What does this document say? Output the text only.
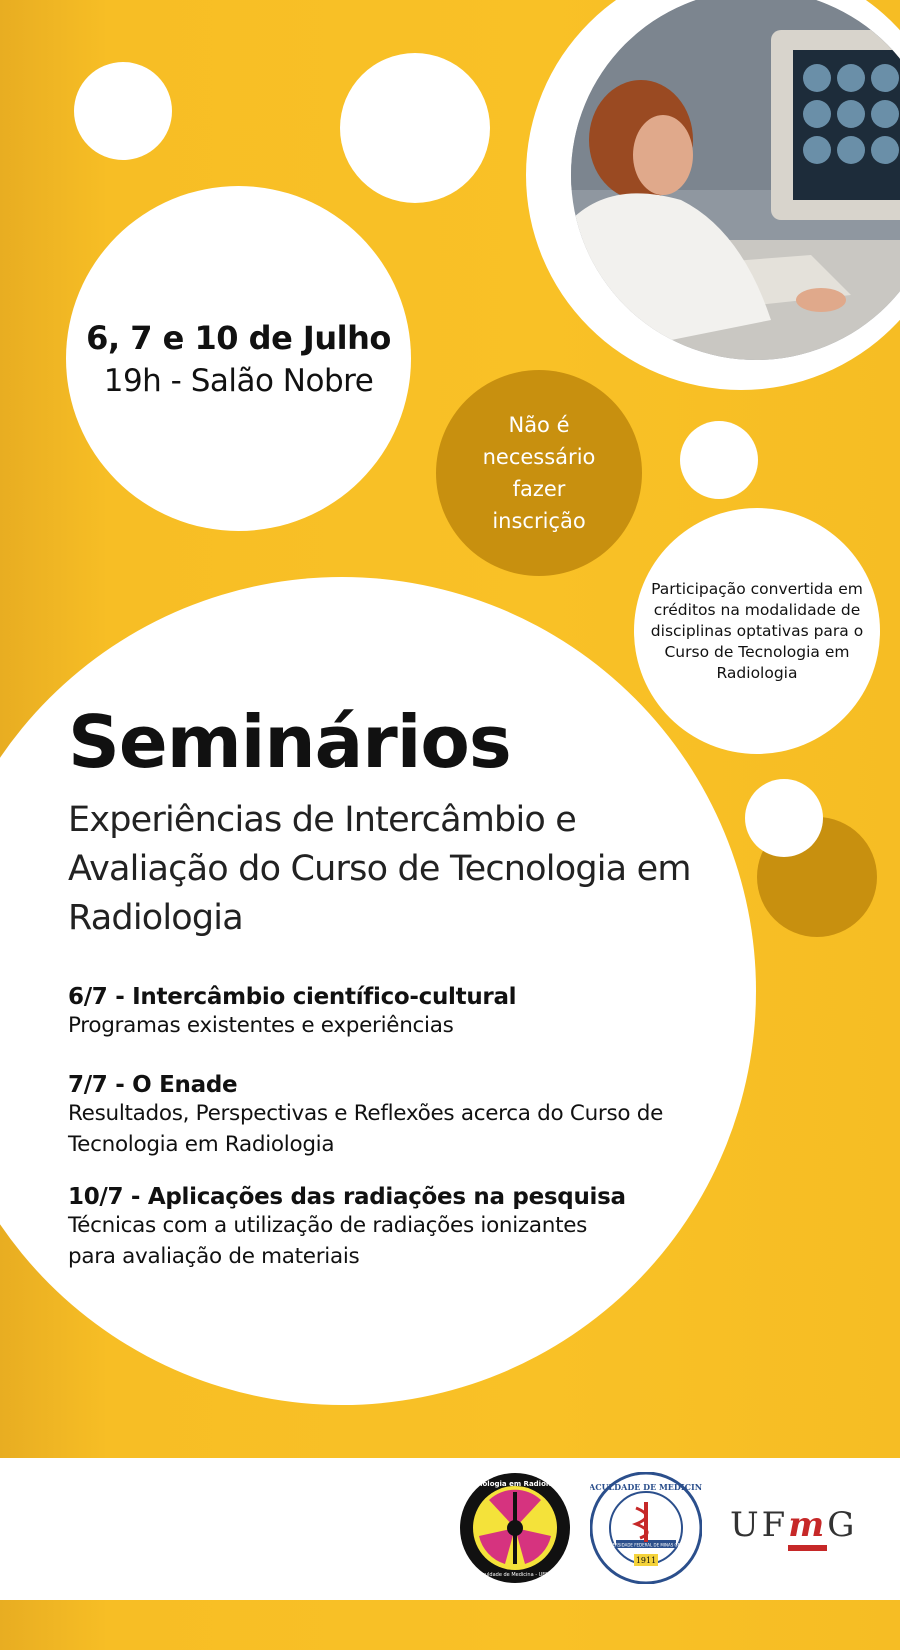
6, 7 e 10 de Julho
19h - Salão Nobre
Não é necessário fazer inscrição
Participação convertida em créditos na modalidade de disciplinas optativas para o Curso de Tecnologia em Radiologia
Seminários
Experiências de Intercâmbio e Avaliação do Curso de Tecnologia em Radiologia
6/7 - Intercâmbio científico-cultural
Programas existentes e experiências
7/7 - O Enade
Resultados, Perspectivas e Reflexões acerca do Curso de Tecnologia em Radiologia
10/7 - Aplicações das radiações na pesquisa
Técnicas com a utilização de radiações ionizantes para avaliação de materiais
Tecnologia em Radiologia
Faculdade de Medicina - UFMG
FACULDADE DE MEDICINA
UNIVERSIDADE FEDERAL DE MINAS GERAIS
1911
UFmG
